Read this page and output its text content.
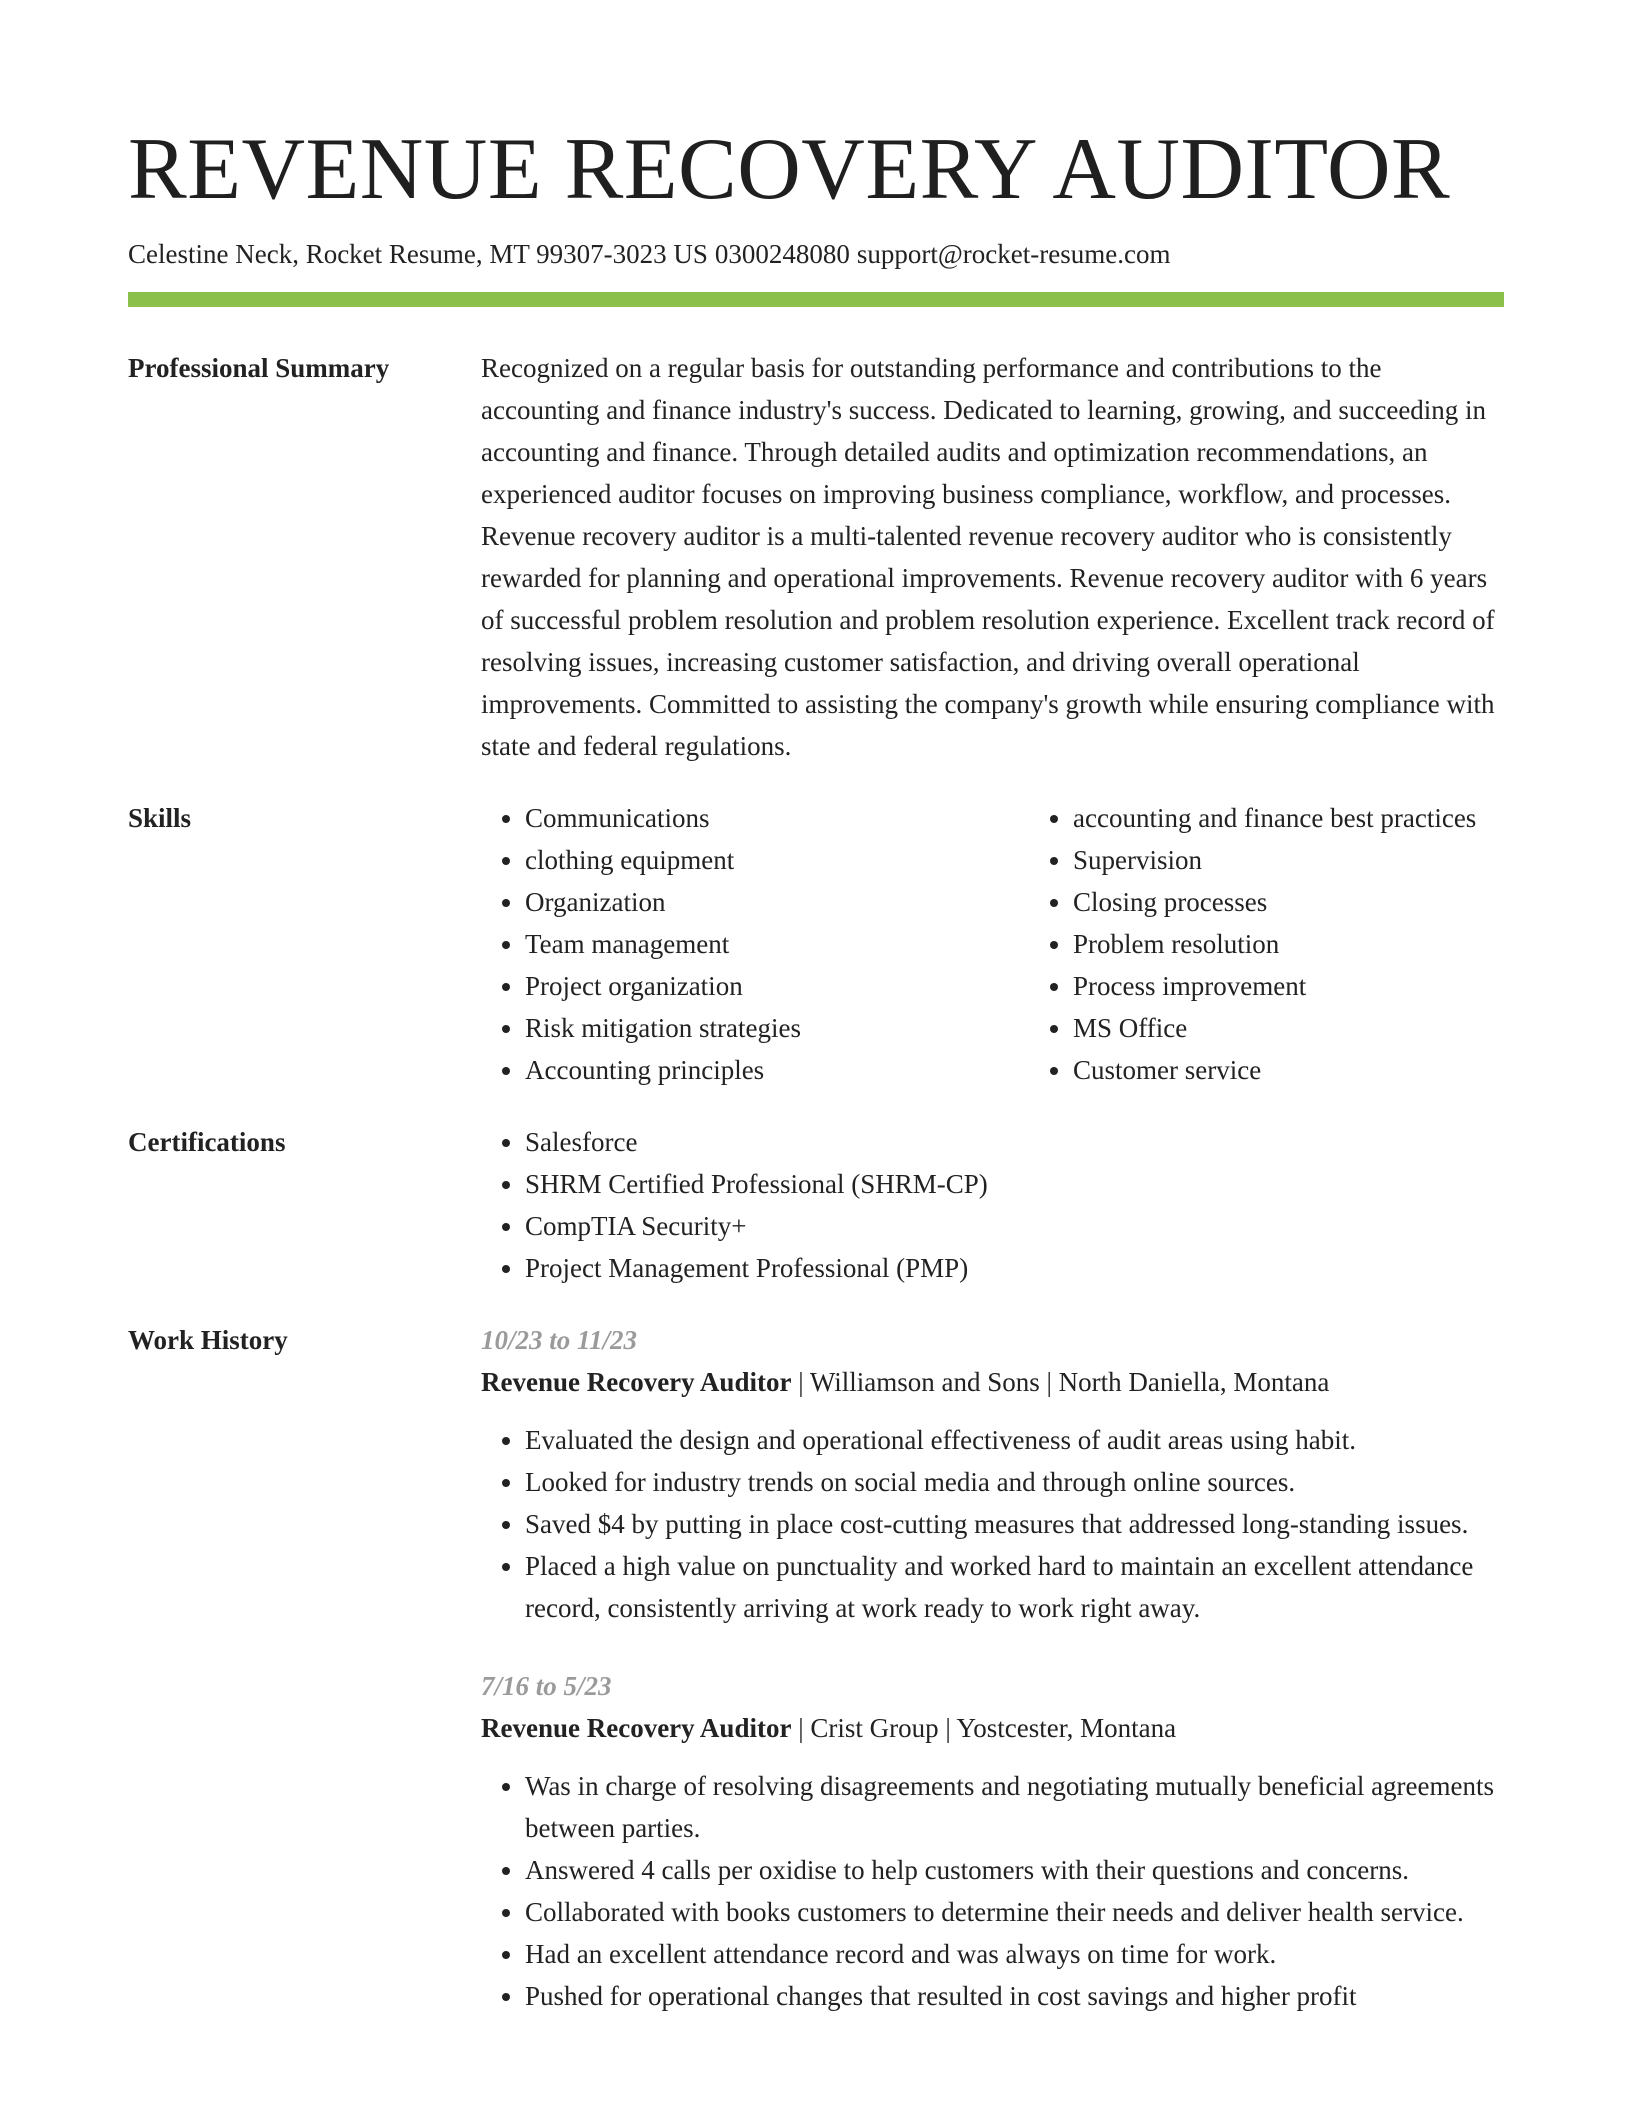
REVENUE RECOVERY AUDITOR
Celestine Neck, Rocket Resume, MT 99307-3023 US 0300248080 support@rocket-resume.com
Professional Summary	Recognized on a regular basis for outstanding performance and contributions to the accounting and finance industry's success. Dedicated to learning, growing, and succeeding in accounting and finance. Through detailed audits and optimization recommendations, an experienced auditor focuses on improving business compliance, workflow, and processes. Revenue recovery auditor is a multi-talented revenue recovery auditor who is consistently rewarded for planning and operational improvements. Revenue recovery auditor with 6 years of successful problem resolution and problem resolution experience. Excellent track record of resolving issues, increasing customer satisfaction, and driving overall operational improvements. Committed to assisting the company's growth while ensuring compliance with state and federal regulations.

Skills	• Communications
• clothing equipment
• Organization
• Team management
• Project organization
• Risk mitigation strategies
• Accounting principles
• accounting and finance best practices
• Supervision
• Closing processes
• Problem resolution
• Process improvement
• MS Office
• Customer service
Certifications	• Salesforce
• SHRM Certified Professional (SHRM-CP)
• CompTIA Security+
• Project Management Professional (PMP)
Work History	10/23 to 11/23
Revenue Recovery Auditor | Williamson and Sons | North Daniella, Montana
• Evaluated the design and operational effectiveness of audit areas using habit.
• Looked for industry trends on social media and through online sources.
• Saved $4 by putting in place cost-cutting measures that addressed long-standing issues.
• Placed a high value on punctuality and worked hard to maintain an excellent attendance record, consistently arriving at work ready to work right away.
7/16 to 5/23
Revenue Recovery Auditor | Crist Group | Yostcester, Montana
• Was in charge of resolving disagreements and negotiating mutually beneficial agreements between parties.
• Answered 4 calls per oxidise to help customers with their questions and concerns.
• Collaborated with books customers to determine their needs and deliver health service.
• Had an excellent attendance record and was always on time for work.
• Pushed for operational changes that resulted in cost savings and higher profit
